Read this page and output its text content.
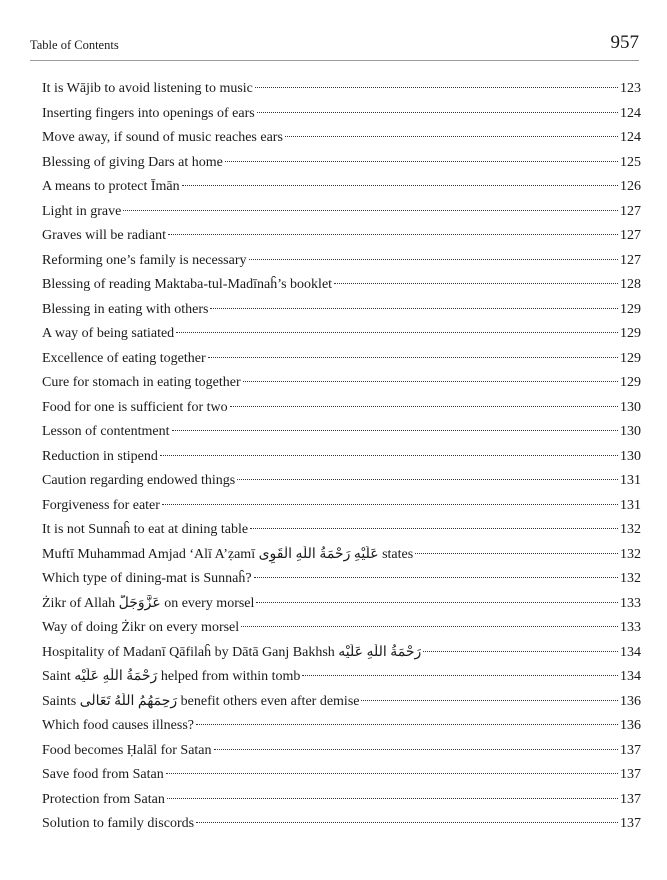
Table of Contents	957
It is Wājib to avoid listening to music	123
Inserting fingers into openings of ears	124
Move away, if sound of music reaches ears	124
Blessing of giving Dars at home	125
A means to protect Īmān	126
Light in grave	127
Graves will be radiant	127
Reforming one’s family is necessary	127
Blessing of reading Maktaba-tul-Madīnaĥ’s booklet	128
Blessing in eating with others	129
A way of being satiated	129
Excellence of eating together	129
Cure for stomach in eating together	129
Food for one is sufficient for two	130
Lesson of contentment	130
Reduction in stipend	130
Caution regarding endowed things	131
Forgiveness for eater	131
It is not Sunnaĥ to eat at dining table	132
Muftī Muhammad Amjad ‘Alī A’ẓamī عَلَيْهِ رَحْمَةُ اللّٰهِ الْقَوِى states	132
Which type of dining-mat is Sunnaĥ?	132
Żikr of Allah عَزَّوَجَلَّ on every morsel	133
Way of doing Żikr on every morsel	133
Hospitality of Madanī Qāfilaĥ by Dātā Ganj Bakhsh رَحْمَةُ اللّٰهِ عَلَيْه	134
Saint رَحْمَةُ اللّٰهِ عَلَيْه helped from within tomb	134
Saints رَحِمَهُمُ اللّٰهُ تَعَالٰى benefit others even after demise	136
Which food causes illness?	136
Food becomes Ḥalāl for Satan	137
Save food from Satan	137
Protection from Satan	137
Solution to family discords	137
